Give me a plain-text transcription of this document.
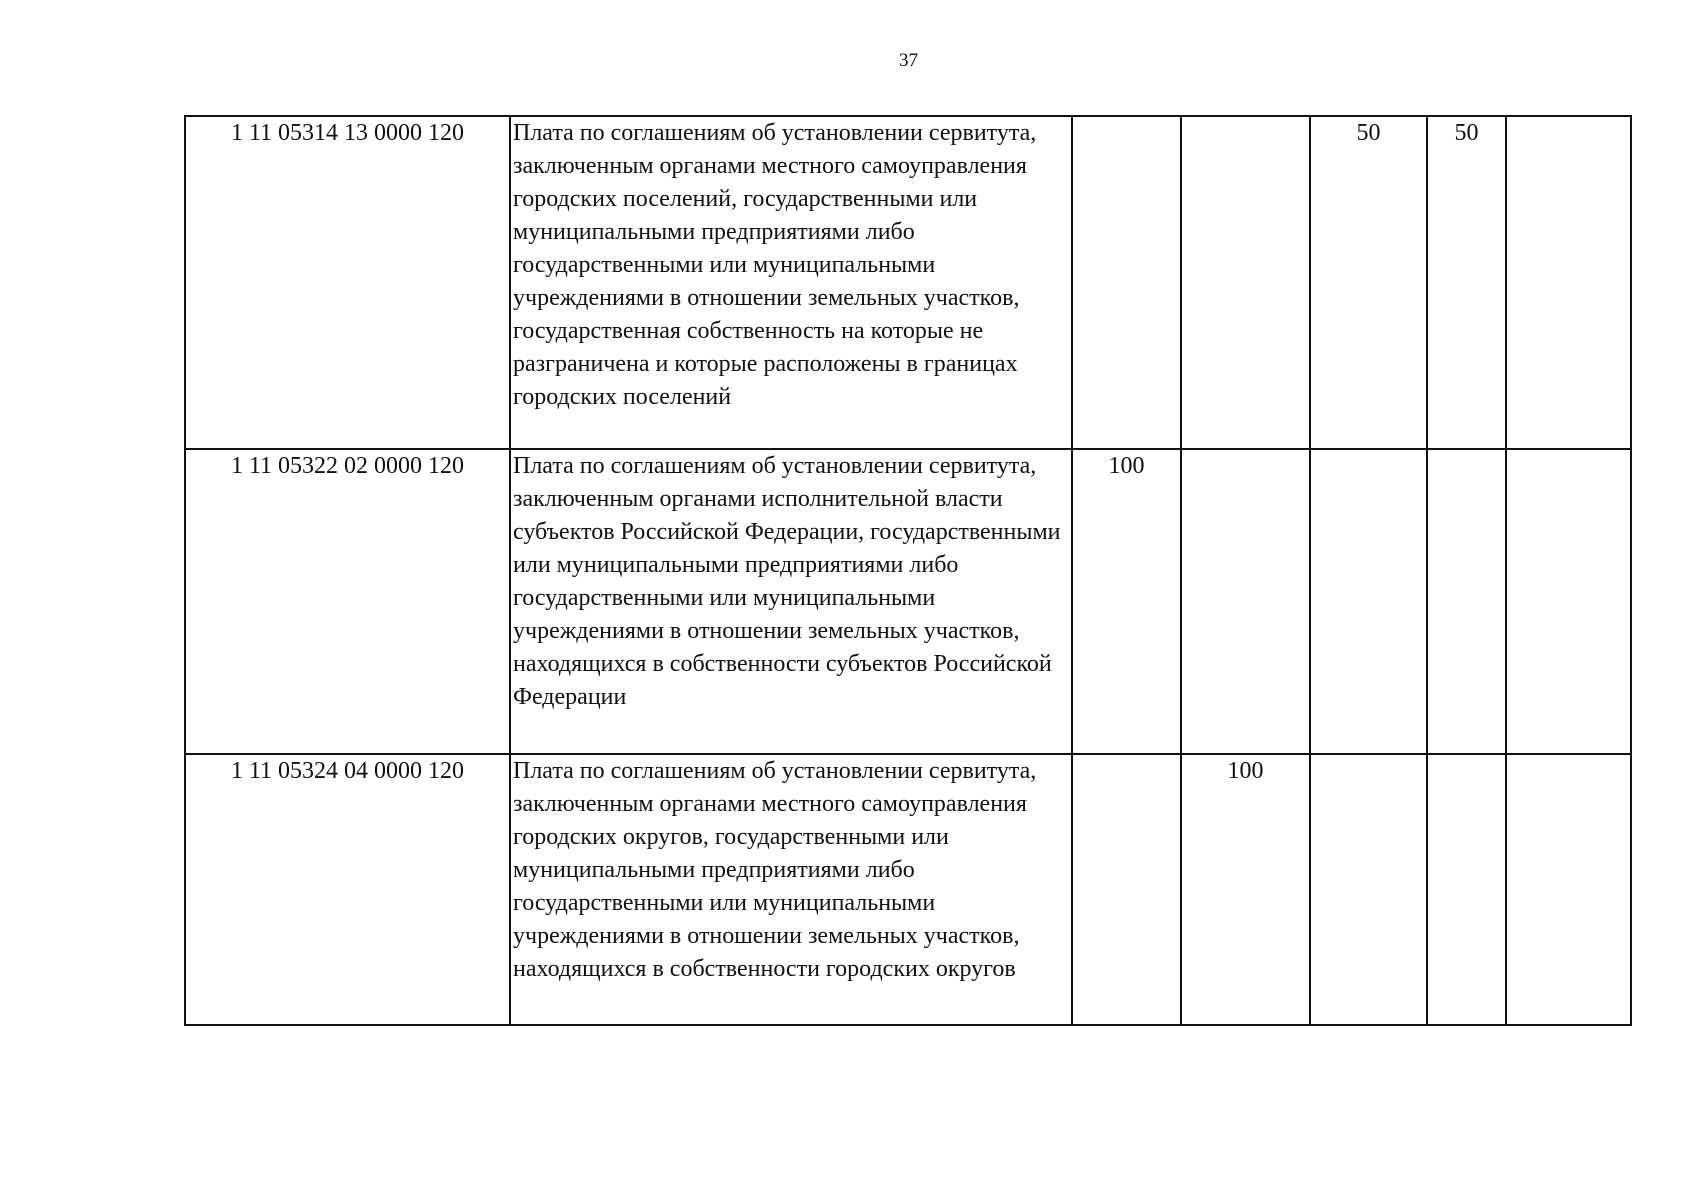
37
1 11 05314 13 0000 120	Плата по соглашениям об установлении сервитута, заключенным органами местного самоуправления городских поселений, государственными или муниципальными предприятиями либо государственными или муниципальными учреждениями в отношении земельных участков, государственная собственность на которые не разграничена и которые расположены в границах городских поселений			50	50	
1 11 05322 02 0000 120	Плата по соглашениям об установлении сервитута, заключенным органами исполнительной власти субъектов Российской Федерации, государственными или муниципальными предприятиями либо государственными или муниципальными учреждениями в отношении земельных участков, находящихся в собственности субъектов Российской Федерации	100				
1 11 05324 04 0000 120	Плата по соглашениям об установлении сервитута, заключенным органами местного самоуправления городских округов, государственными или муниципальными предприятиями либо государственными или муниципальными учреждениями в отношении земельных участков, находящихся в собственности городских округов		100			
